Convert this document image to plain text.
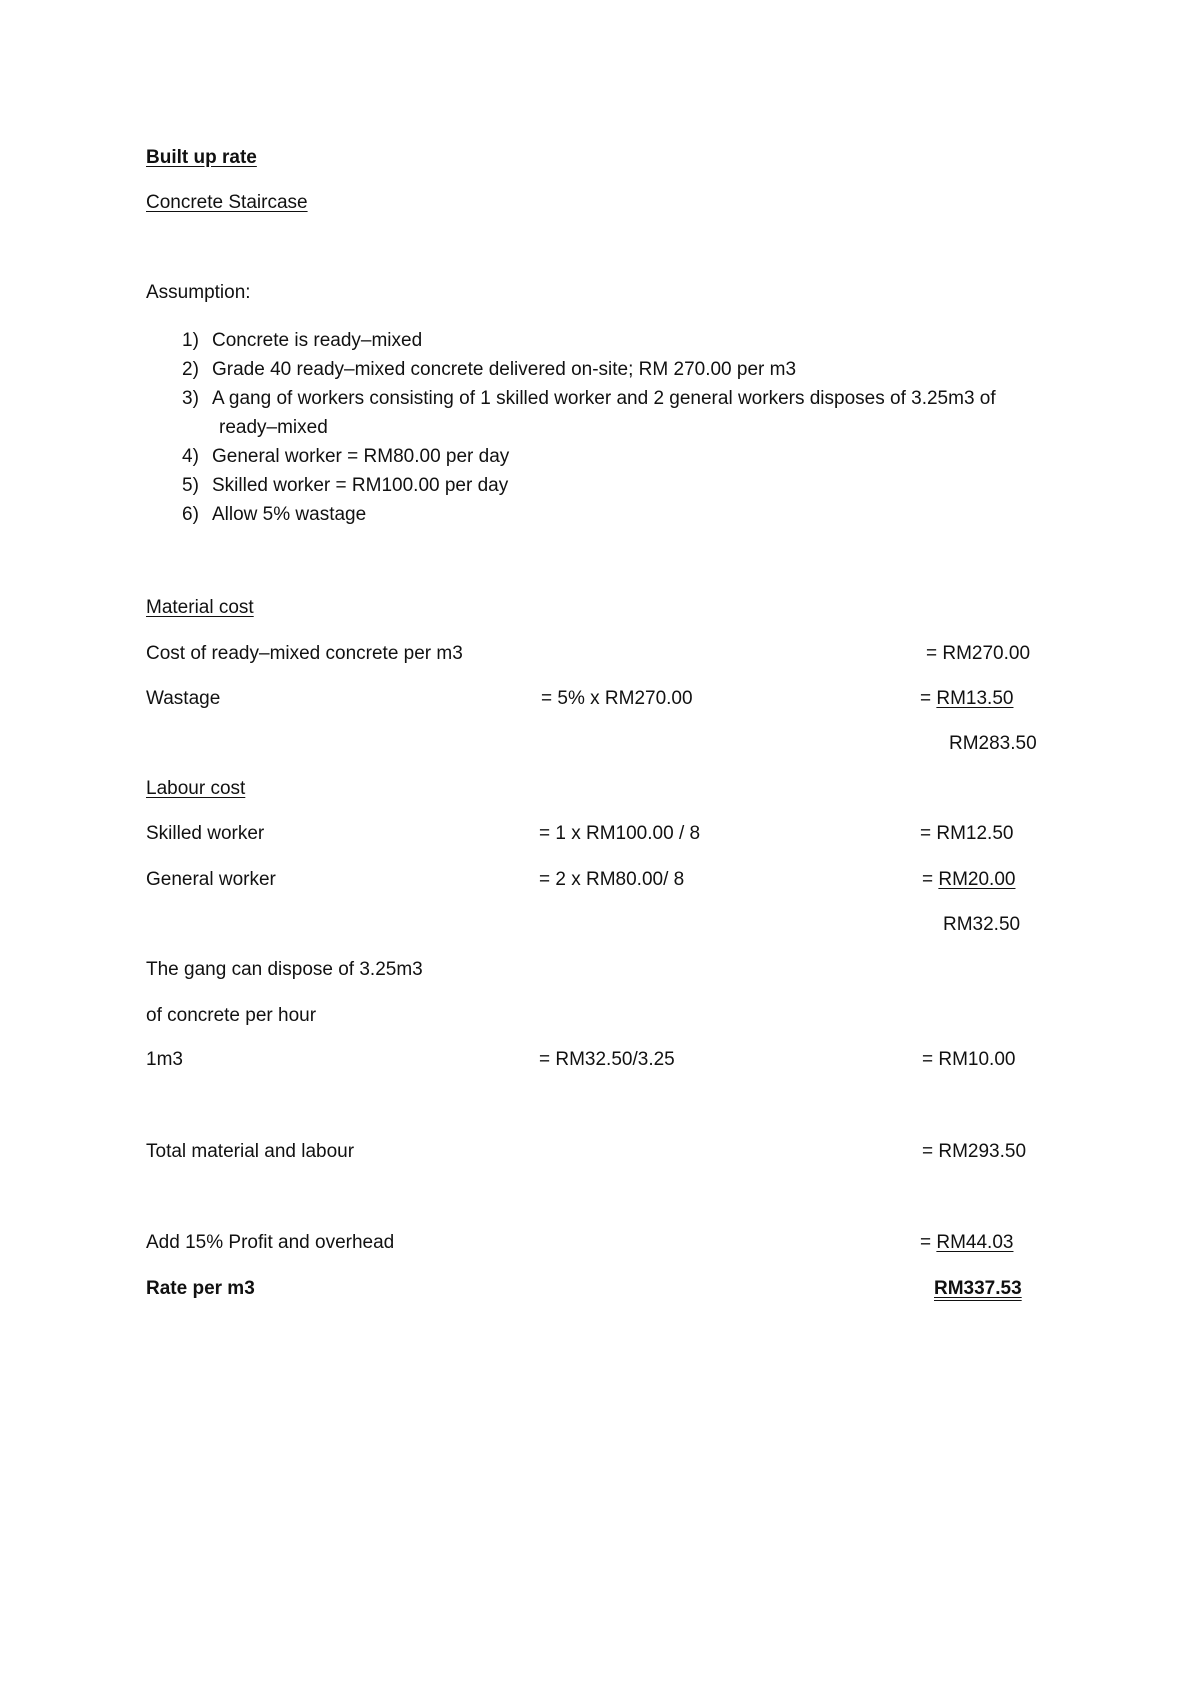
Built up rate
Concrete Staircase
Assumption:
1) Concrete is ready–mixed
2) Grade 40 ready–mixed concrete delivered on-site; RM 270.00 per m3
3) A gang of workers consisting of 1 skilled worker and 2 general workers disposes of 3.25m3 of
ready–mixed
4) General worker = RM80.00 per day
5) Skilled worker = RM100.00 per day
6) Allow 5% wastage
Material cost
Cost of ready–mixed concrete per m3	= RM270.00
Wastage	= 5% x RM270.00	= RM13.50
RM283.50
Labour cost
Skilled worker	= 1 x RM100.00 / 8	= RM12.50
General worker	= 2 x RM80.00/ 8	= RM20.00
RM32.50
The gang can dispose of 3.25m3
of concrete per hour
1m3	= RM32.50/3.25	= RM10.00
Total material and labour	= RM293.50
Add 15% Profit and overhead	= RM44.03
Rate per m3	RM337.53
